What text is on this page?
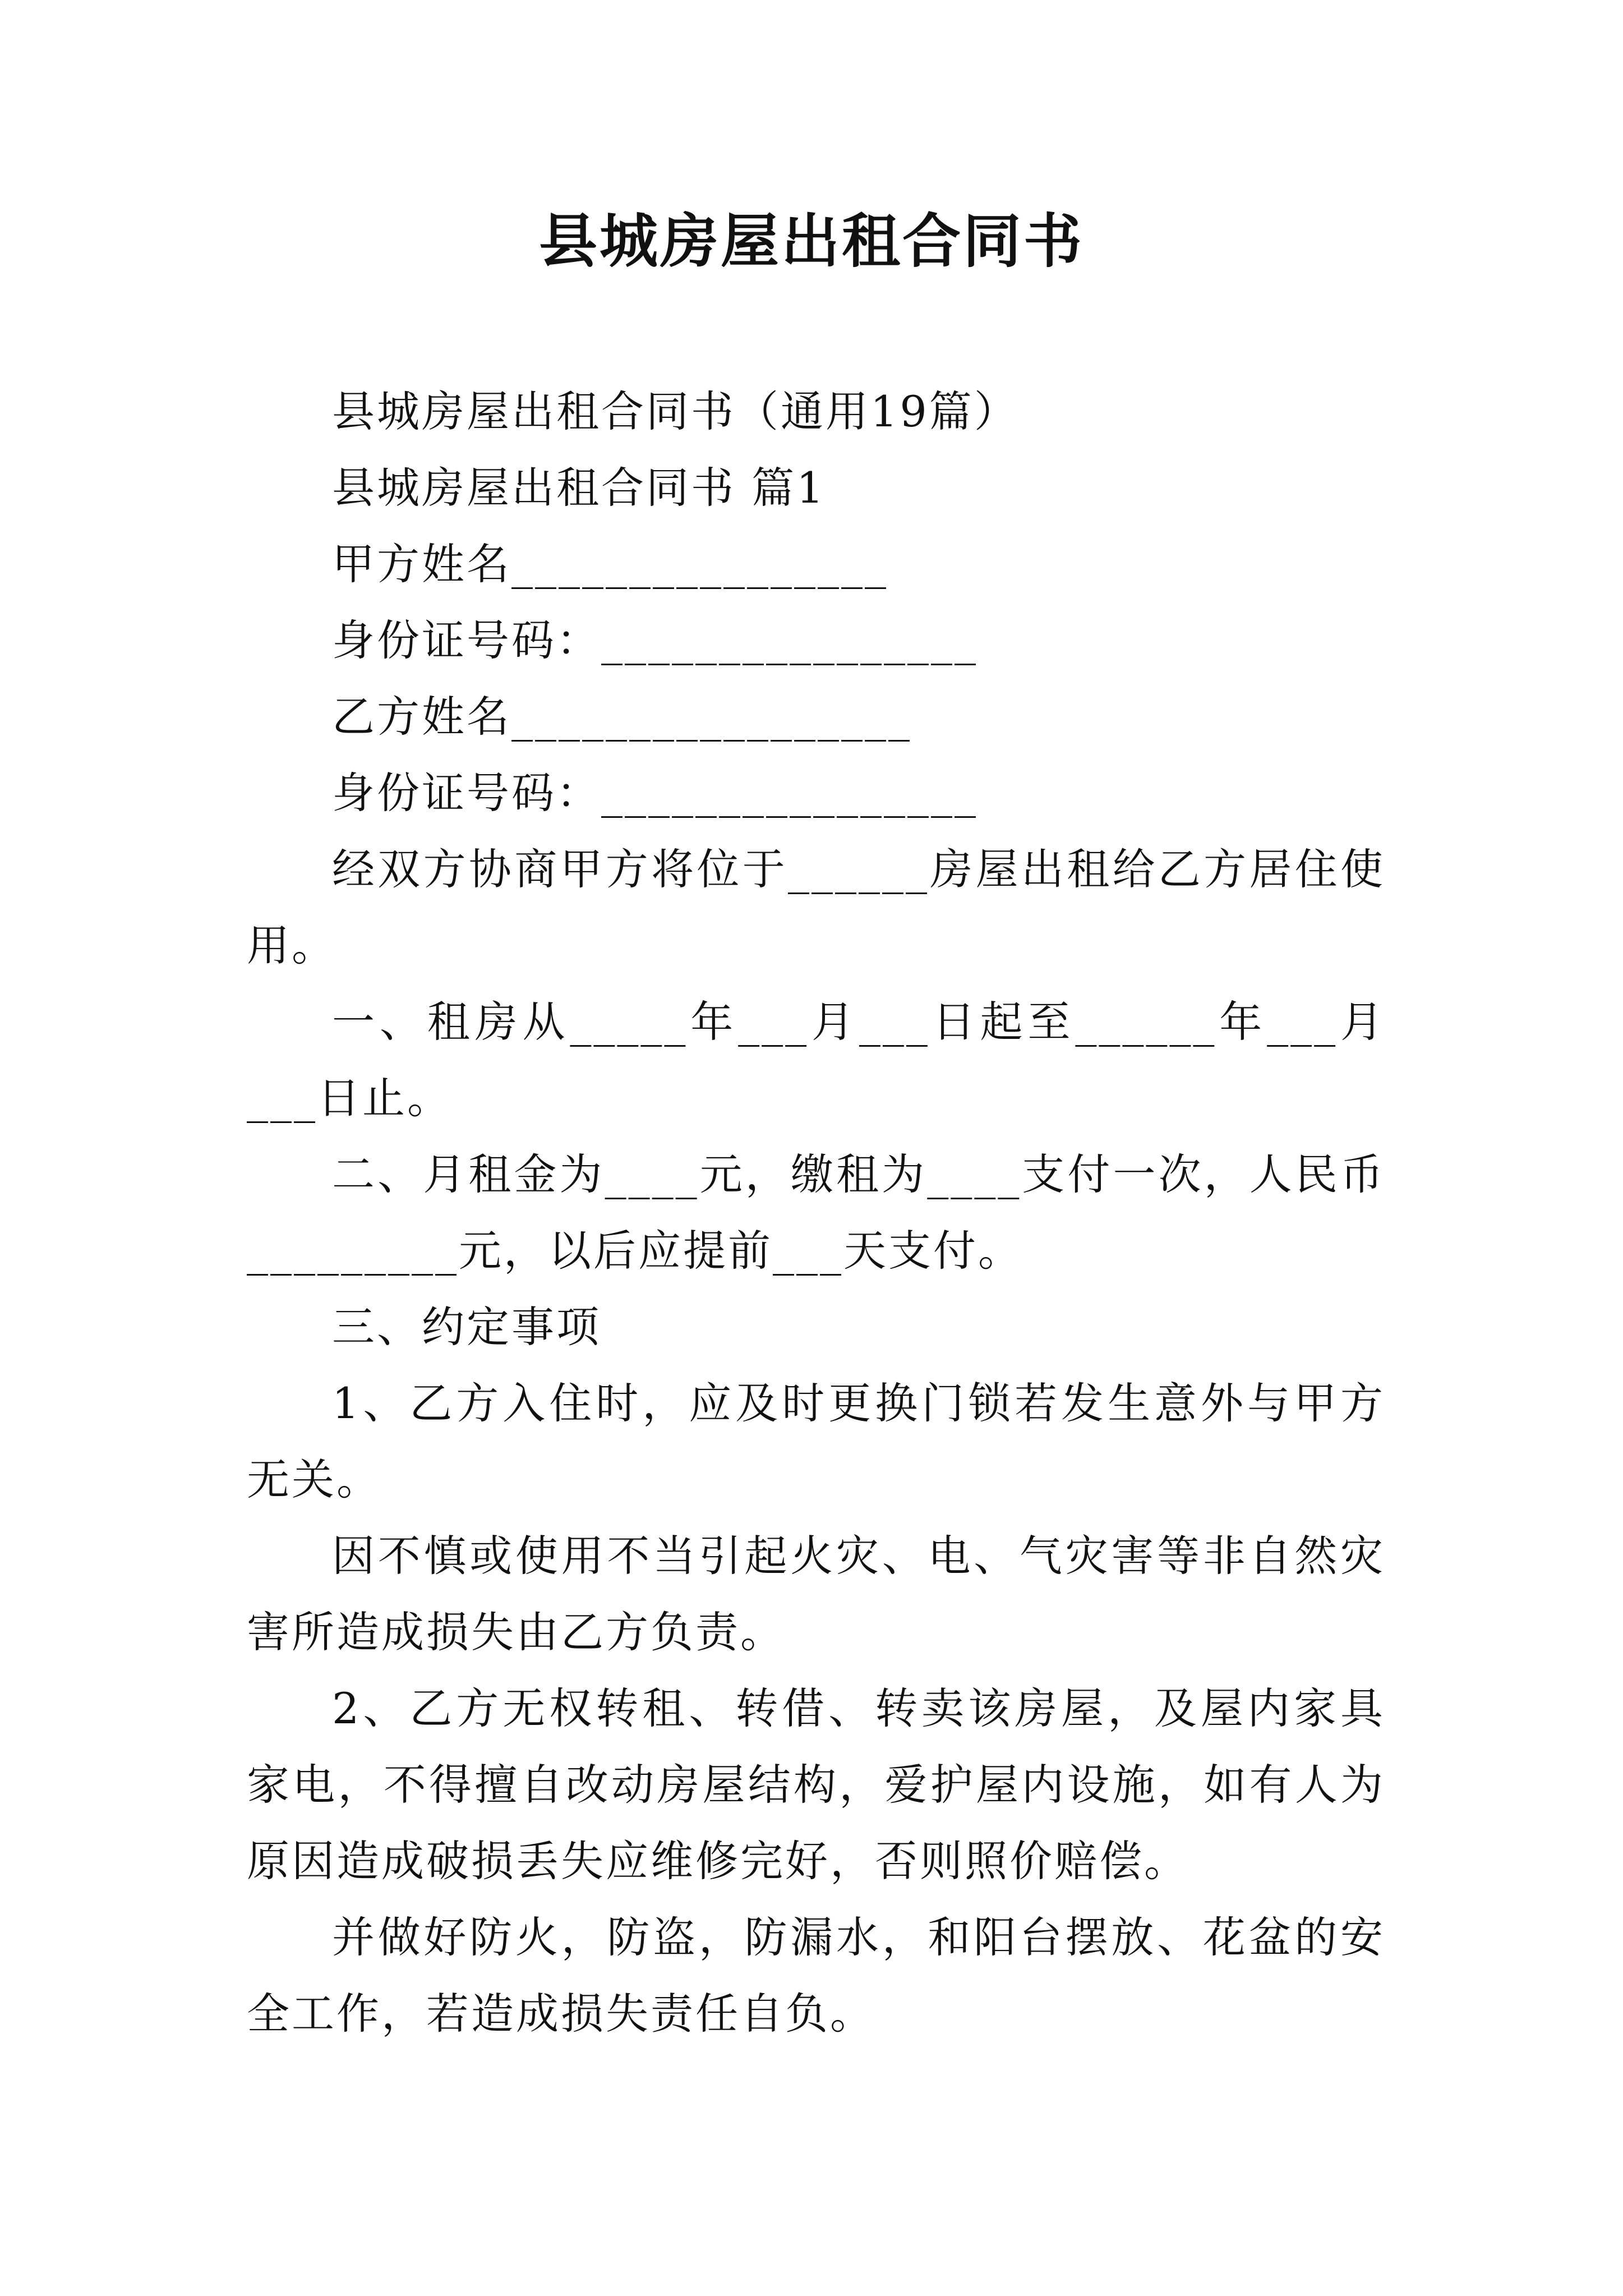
县城房屋出租合同书

县城房屋出租合同书（通用19篇）

县城房屋出租合同书 篇1

甲方姓名________________

身份证号码：________________

乙方姓名_________________

身份证号码：________________

经双方协商甲方将位于______房屋出租给乙方居住使用。

一、租房从_____年___月___日起至______年___月___日止。

二、月租金为____元，缴租为____支付一次，人民币_________元，以后应提前___天支付。

三、约定事项

1、乙方入住时，应及时更换门锁若发生意外与甲方无关。

因不慎或使用不当引起火灾、电、气灾害等非自然灾害所造成损失由乙方负责。

2、乙方无权转租、转借、转卖该房屋，及屋内家具家电，不得擅自改动房屋结构，爱护屋内设施，如有人为原因造成破损丢失应维修完好，否则照价赔偿。

并做好防火，防盗，防漏水，和阳台摆放、花盆的安全工作，若造成损失责任自负。
